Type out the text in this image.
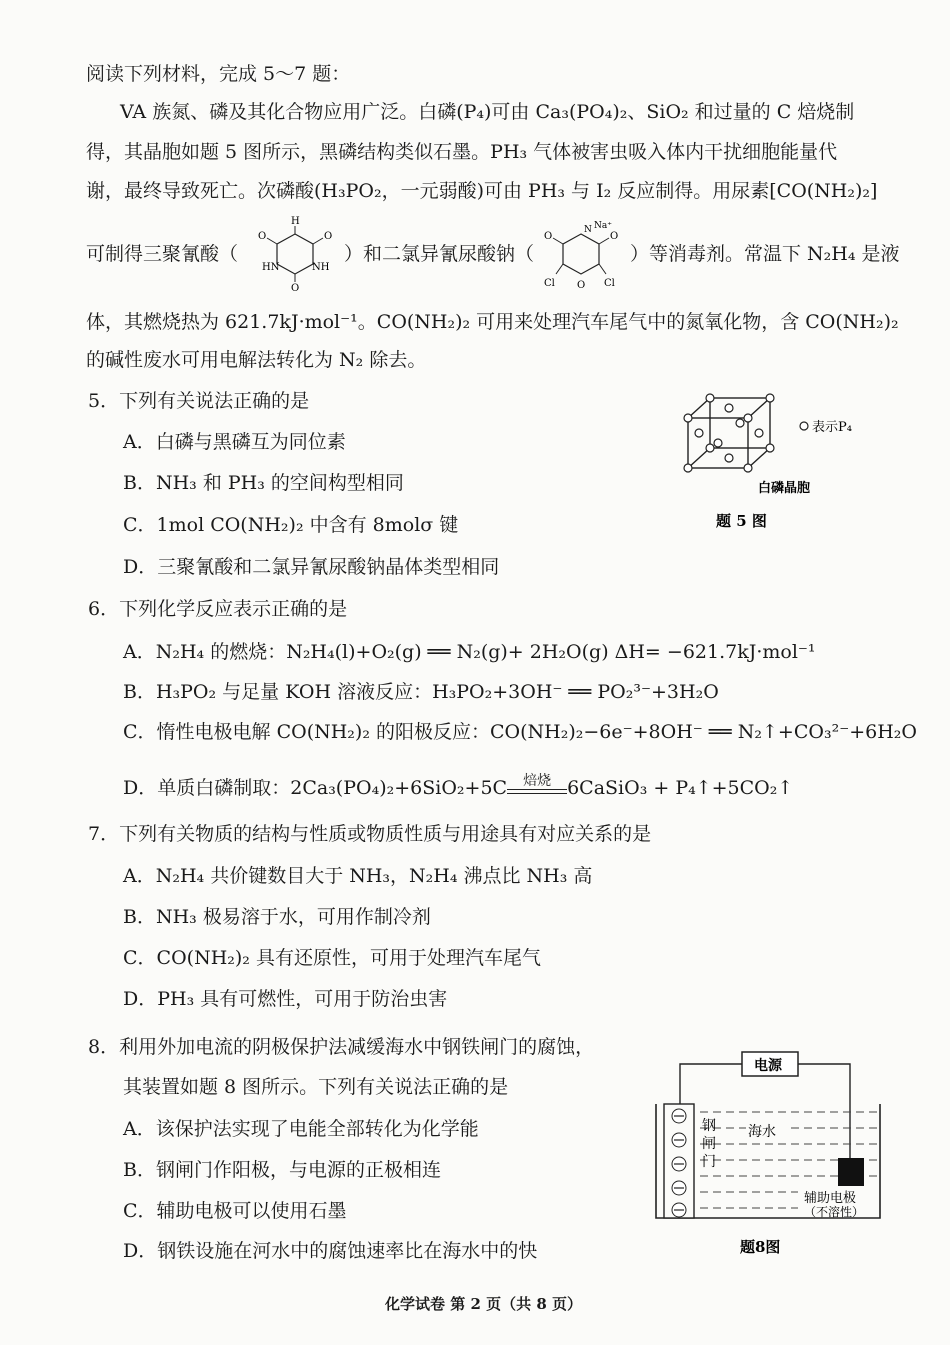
阅读下列材料，完成 5～7 题：
VA 族氮、磷及其化合物应用广泛。白磷(P₄)可由 Ca₃(PO₄)₂、SiO₂ 和过量的 C 焙烧制
得，其晶胞如题 5 图所示，黑磷结构类似石墨。PH₃ 气体被害虫吸入体内干扰细胞能量代
谢，最终导致死亡。次磷酸(H₃PO₂，一元弱酸)可由 PH₃ 与 I₂ 反应制得。用尿素[CO(NH₂)₂]
可制得三聚氰酸（
H
O	O
O
HN	NH
）和二氯异氰尿酸钠（
O	O
N Na⁺
O
Cl	Cl
）等消毒剂。常温下 N₂H₄ 是液
体，其燃烧热为 621.7kJ·mol⁻¹。CO(NH₂)₂ 可用来处理汽车尾气中的氮氧化物，含 CO(NH₂)₂
的碱性废水可用电解法转化为 N₂ 除去。
5．下列有关说法正确的是
A．白磷与黑磷互为同位素
B．NH₃ 和 PH₃ 的空间构型相同
C．1mol CO(NH₂)₂ 中含有 8molσ 键
D．三聚氰酸和二氯异氰尿酸钠晶体类型相同
表示P₄
白磷晶胞
题 5 图
6．下列化学反应表示正确的是
A．N₂H₄ 的燃烧：N₂H₄(l)+O₂(g) ══ N₂(g)+ 2H₂O(g) ΔH= −621.7kJ·mol⁻¹
B．H₃PO₂ 与足量 KOH 溶液反应：H₃PO₂+3OH⁻ ══ PO₂³⁻+3H₂O
C．惰性电极电解 CO(NH₂)₂ 的阳极反应：CO(NH₂)₂−6e⁻+8OH⁻ ══ N₂↑+CO₃²⁻+6H₂O
D．单质白磷制取：2Ca₃(PO₄)₂+6SiO₂+5C	焙烧 6CaSiO₃ + P₄↑+5CO₂↑
7．下列有关物质的结构与性质或物质性质与用途具有对应关系的是
A．N₂H₄ 共价键数目大于 NH₃，N₂H₄ 沸点比 NH₃ 高
B．NH₃ 极易溶于水，可用作制冷剂
C．CO(NH₂)₂ 具有还原性，可用于处理汽车尾气
D．PH₃ 具有可燃性，可用于防治虫害
8．利用外加电流的阴极保护法减缓海水中钢铁闸门的腐蚀，
其装置如题 8 图所示。下列有关说法正确的是
A．该保护法实现了电能全部转化为化学能
B．钢闸门作阳极，与电源的正极相连
C．辅助电极可以使用石墨
D．钢铁设施在河水中的腐蚀速率比在海水中的快
电源
钢
闸
门
海水
辅助电极
（不溶性）
题8图
化学试卷 第 2 页（共 8 页）
